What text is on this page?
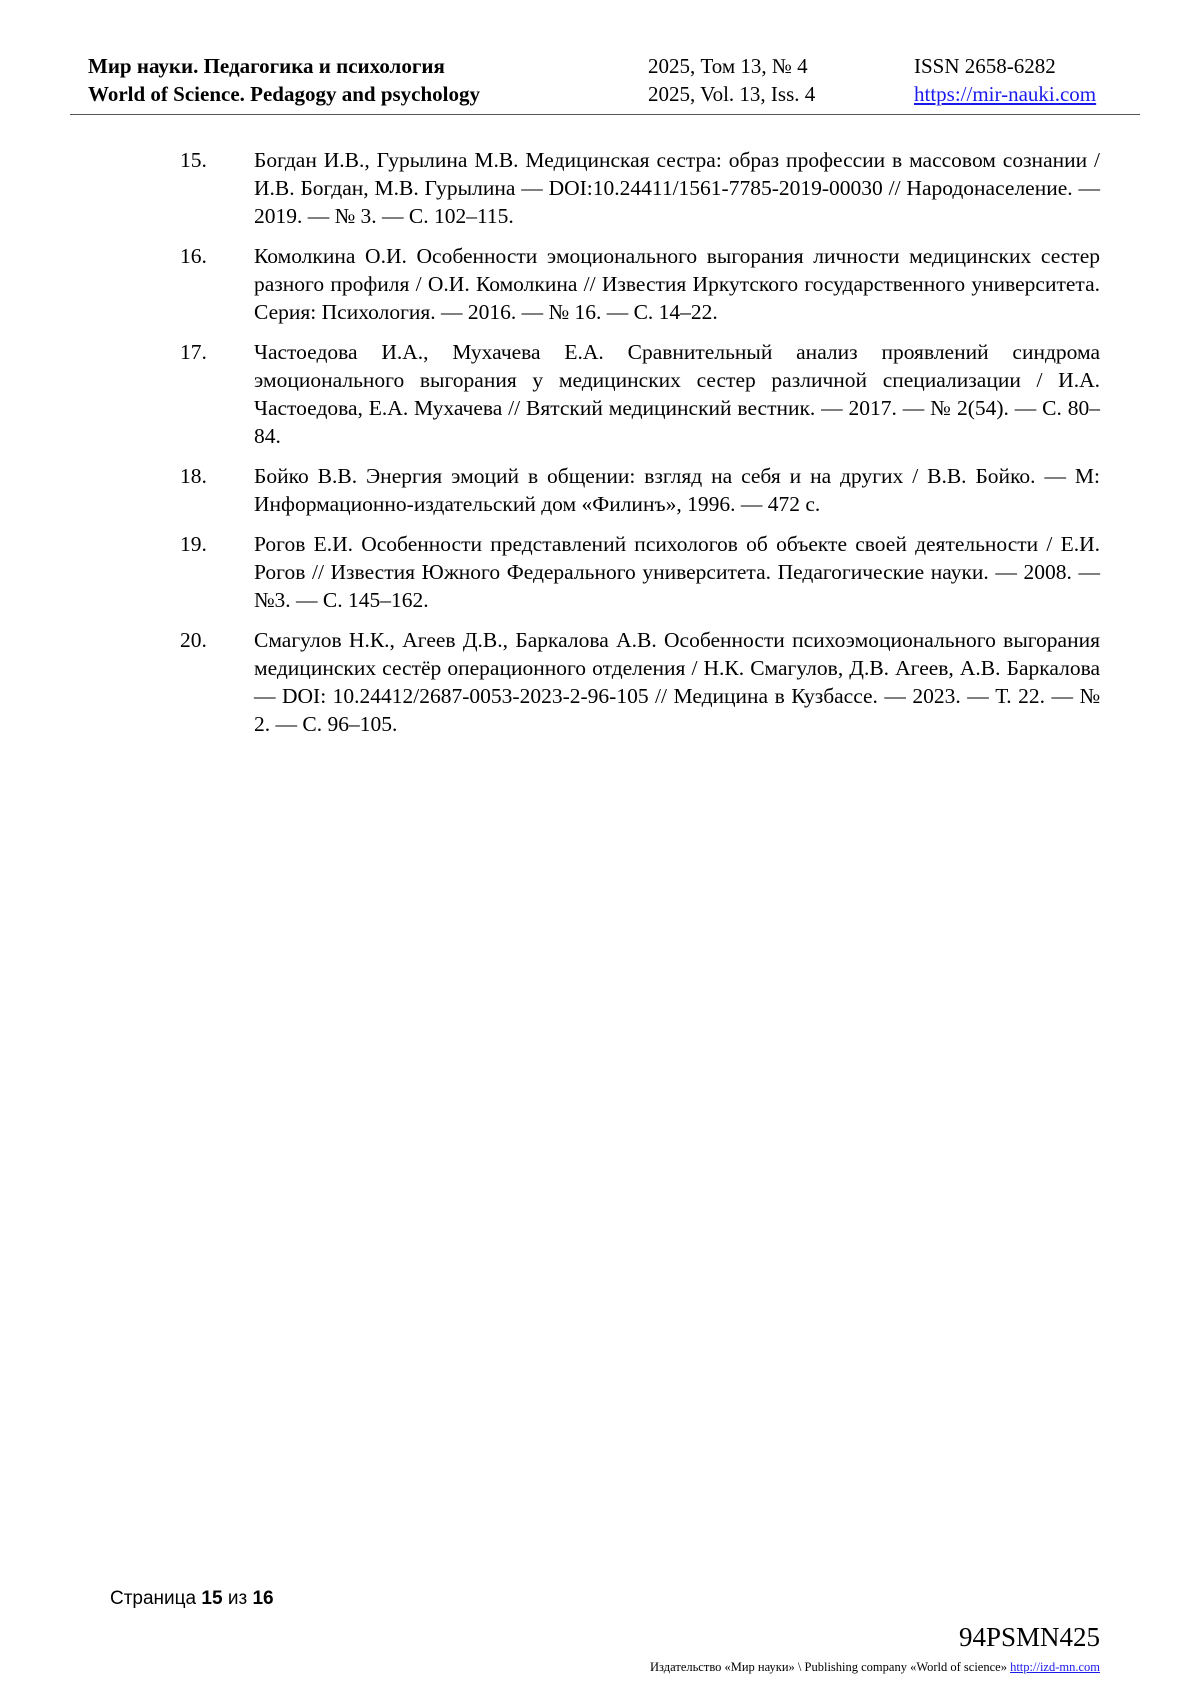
Мир науки. Педагогика и психология
World of Science. Pedagogy and psychology
2025, Том 13, № 4
2025, Vol. 13, Iss. 4
ISSN 2658-6282
https://mir-nauki.com
15.	Богдан И.В., Гурылина М.В. Медицинская сестра: образ профессии в массовом сознании / И.В. Богдан, М.В. Гурылина — DOI:10.24411/1561-7785-2019-00030 // Народонаселение. — 2019. — № 3. — С. 102–115.
16.	Комолкина О.И. Особенности эмоционального выгорания личности медицинских сестер разного профиля / О.И. Комолкина // Известия Иркутского государственного университета. Серия: Психология. — 2016. — № 16. — С. 14–22.
17.	Частоедова И.А., Мухачева Е.А. Сравнительный анализ проявлений синдрома эмоционального выгорания у медицинских сестер различной специализации / И.А. Частоедова, Е.А. Мухачева // Вятский медицинский вестник. — 2017. — № 2(54). — С. 80–84.
18.	Бойко В.В. Энергия эмоций в общении: взгляд на себя и на других / В.В. Бойко. — М: Информационно-издательский дом «Филинъ», 1996. — 472 с.
19.	Рогов Е.И. Особенности представлений психологов об объекте своей деятельности / Е.И. Рогов // Известия Южного Федерального университета. Педагогические науки. — 2008. — №3. — С. 145–162.
20.	Смагулов Н.К., Агеев Д.В., Баркалова А.В. Особенности психоэмоционального выгорания медицинских сестёр операционного отделения / Н.К. Смагулов, Д.В. Агеев, А.В. Баркалова — DOI: 10.24412/2687-0053-2023-2-96-105 // Медицина в Кузбассе. — 2023. — Т. 22. — № 2. — С. 96–105.
Страница 15 из 16
94PSMN425
Издательство «Мир науки» \ Publishing company «World of science» http://izd-mn.com
